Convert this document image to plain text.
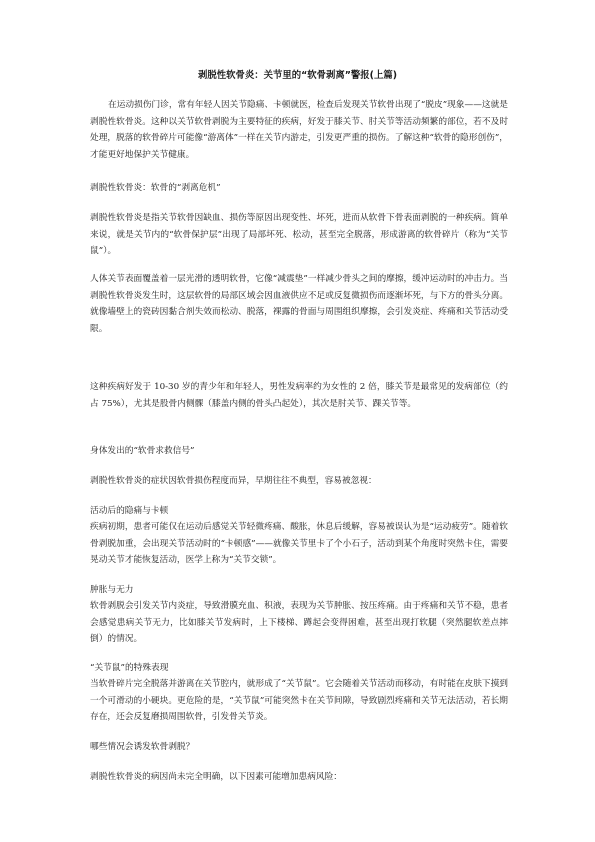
剥脱性软骨炎：关节里的“软骨剥离”警报(上篇)

在运动损伤门诊，常有年轻人因关节隐痛、卡顿就医，检查后发现关节软骨出现了“脱皮”现象——这就是剥脱性软骨炎。这种以关节软骨剥脱为主要特征的疾病，好发于膝关节、肘关节等活动频繁的部位，若不及时处理，脱落的软骨碎片可能像“游离体”一样在关节内游走，引发更严重的损伤。了解这种“软骨的隐形创伤”，才能更好地保护关节健康。

剥脱性软骨炎：软骨的“剥离危机”

剥脱性软骨炎是指关节软骨因缺血、损伤等原因出现变性、坏死，进而从软骨下骨表面剥脱的一种疾病。简单来说，就是关节内的“软骨保护层”出现了局部坏死、松动，甚至完全脱落，形成游离的软骨碎片（称为“关节鼠”）。

人体关节表面覆盖着一层光滑的透明软骨，它像“减震垫”一样减少骨头之间的摩擦，缓冲运动时的冲击力。当剥脱性软骨炎发生时，这层软骨的局部区域会因血液供应不足或反复微损伤而逐渐坏死，与下方的骨头分离。就像墙壁上的瓷砖因黏合剂失效而松动、脱落，裸露的骨面与周围组织摩擦，会引发炎症、疼痛和关节活动受限。

这种疾病好发于 10-30 岁的青少年和年轻人，男性发病率约为女性的 2 倍，膝关节是最常见的发病部位（约占 75%），尤其是股骨内侧髁（膝盖内侧的骨头凸起处），其次是肘关节、踝关节等。

身体发出的“软骨求救信号”

剥脱性软骨炎的症状因软骨损伤程度而异，早期往往不典型，容易被忽视：

活动后的隐痛与卡顿

疾病初期，患者可能仅在运动后感觉关节轻微疼痛、酸胀，休息后缓解，容易被误认为是“运动疲劳”。随着软骨剥脱加重，会出现关节活动时的“卡顿感”——就像关节里卡了个小石子，活动到某个角度时突然卡住，需要晃动关节才能恢复活动，医学上称为“关节交锁”。

肿胀与无力

软骨剥脱会引发关节内炎症，导致滑膜充血、积液，表现为关节肿胀、按压疼痛。由于疼痛和关节不稳，患者会感觉患病关节无力，比如膝关节发病时，上下楼梯、蹲起会变得困难，甚至出现打软腿（突然腿软差点摔倒）的情况。

“关节鼠”的特殊表现

当软骨碎片完全脱落并游离在关节腔内，就形成了“关节鼠”。它会随着关节活动而移动，有时能在皮肤下摸到一个可滑动的小硬块。更危险的是，“关节鼠”可能突然卡在关节间隙，导致剧烈疼痛和关节无法活动，若长期存在，还会反复磨损周围软骨，引发骨关节炎。

哪些情况会诱发软骨剥脱？

剥脱性软骨炎的病因尚未完全明确，以下因素可能增加患病风险：
